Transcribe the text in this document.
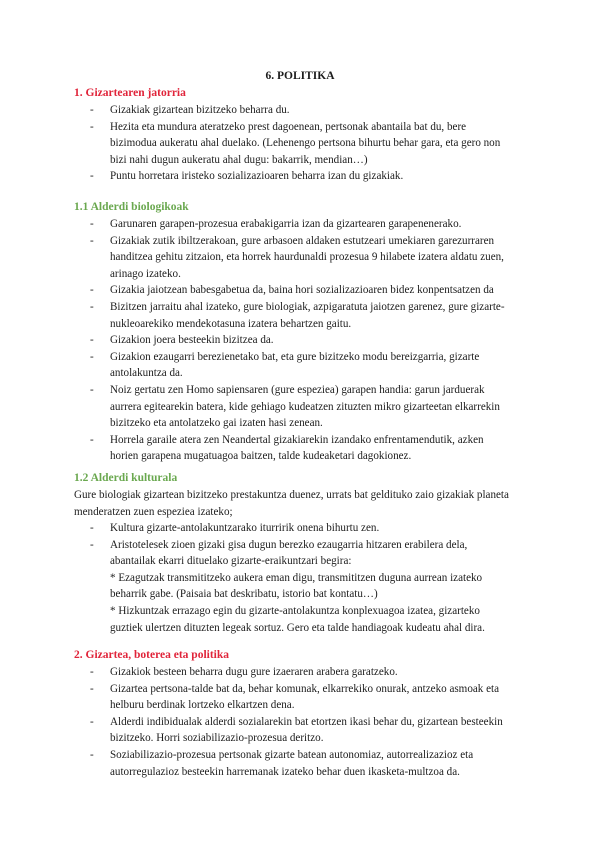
6. POLITIKA
1. Gizartearen jatorria
- Gizakiak gizartean bizitzeko beharra du.
- Hezita eta mundura ateratzeko prest dagoenean, pertsonak abantaila bat du, bere bizimodua aukeratu ahal duelako. (Lehenengo pertsona bihurtu behar gara, eta gero non bizi nahi dugun aukeratu ahal dugu: bakarrik, mendian…)
- Puntu horretara iristeko sozializazioaren beharra izan du gizakiak.
1.1 Alderdi biologikoak
- Garunaren garapen-prozesua erabakigarria izan da gizartearen garapenenerako.
- Gizakiak zutik ibiltzerakoan, gure arbasoen aldaken estutzeari umekiaren garezurraren handitzea gehitu zitzaion, eta horrek haurdunaldi prozesua 9 hilabete izatera aldatu zuen, arinago izateko.
- Gizakia jaiotzean babesgabetua da, baina hori sozializazioaren bidez konpentsatzen da
- Bizitzen jarraitu ahal izateko, gure biologiak, azpigaratuta jaiotzen garenez, gure gizarte-nukleoarekiko mendekotasuna izatera behartzen gaitu.
- Gizakion joera besteekin bizitzea da.
- Gizakion ezaugarri berezienetako bat, eta gure bizitzeko modu bereizgarria, gizarte antolakuntza da.
- Noiz gertatu zen Homo sapiensaren (gure espeziea) garapen handia: garun jarduerak aurrera egitearekin batera, kide gehiago kudeatzen zituzten mikro gizarteetan elkarrekin bizitzeko eta antolatzeko gai izaten hasi zenean.
- Horrela garaile atera zen Neandertal gizakiarekin izandako enfrentamendutik, azken horien garapena mugatuagoa baitzen, talde kudeaketari dagokionez.
1.2 Alderdi kulturala

Gure biologiak gizartean bizitzeko prestakuntza duenez, urrats bat geldituko zaio gizakiak planeta menderatzen zuen espeziea izateko;

- Kultura gizarte-antolakuntzarako iturririk onena bihurtu zen.
- Aristotelesek zioen gizaki gisa dugun berezko ezaugarria hitzaren erabilera dela, abantailak ekarri dituelako gizarte-eraikuntzari begira:
* Ezagutzak transmititzeko aukera eman digu, transmititzen duguna aurrean izateko beharrik gabe. (Paisaia bat deskribatu, istorio bat kontatu…)
* Hizkuntzak errazago egin du gizarte-antolakuntza konplexuagoa izatea, gizarteko guztiek ulertzen dituzten legeak sortuz. Gero eta talde handiagoak kudeatu ahal dira.
2. Gizartea, boterea eta politika
- Gizakiok besteen beharra dugu gure izaeraren arabera garatzeko.
- Gizartea pertsona-talde bat da, behar komunak, elkarrekiko onurak, antzeko asmoak eta helburu berdinak lortzeko elkartzen dena.
- Alderdi indibidualak alderdi sozialarekin bat etortzen ikasi behar du, gizartean besteekin bizitzeko. Horri soziabilizazio-prozesua deritzo.
- Soziabilizazio-prozesua pertsonak gizarte batean autonomiaz, autorrealizazioz eta autorregulazioz besteekin harremanak izateko behar duen ikasketa-multzoa da.
